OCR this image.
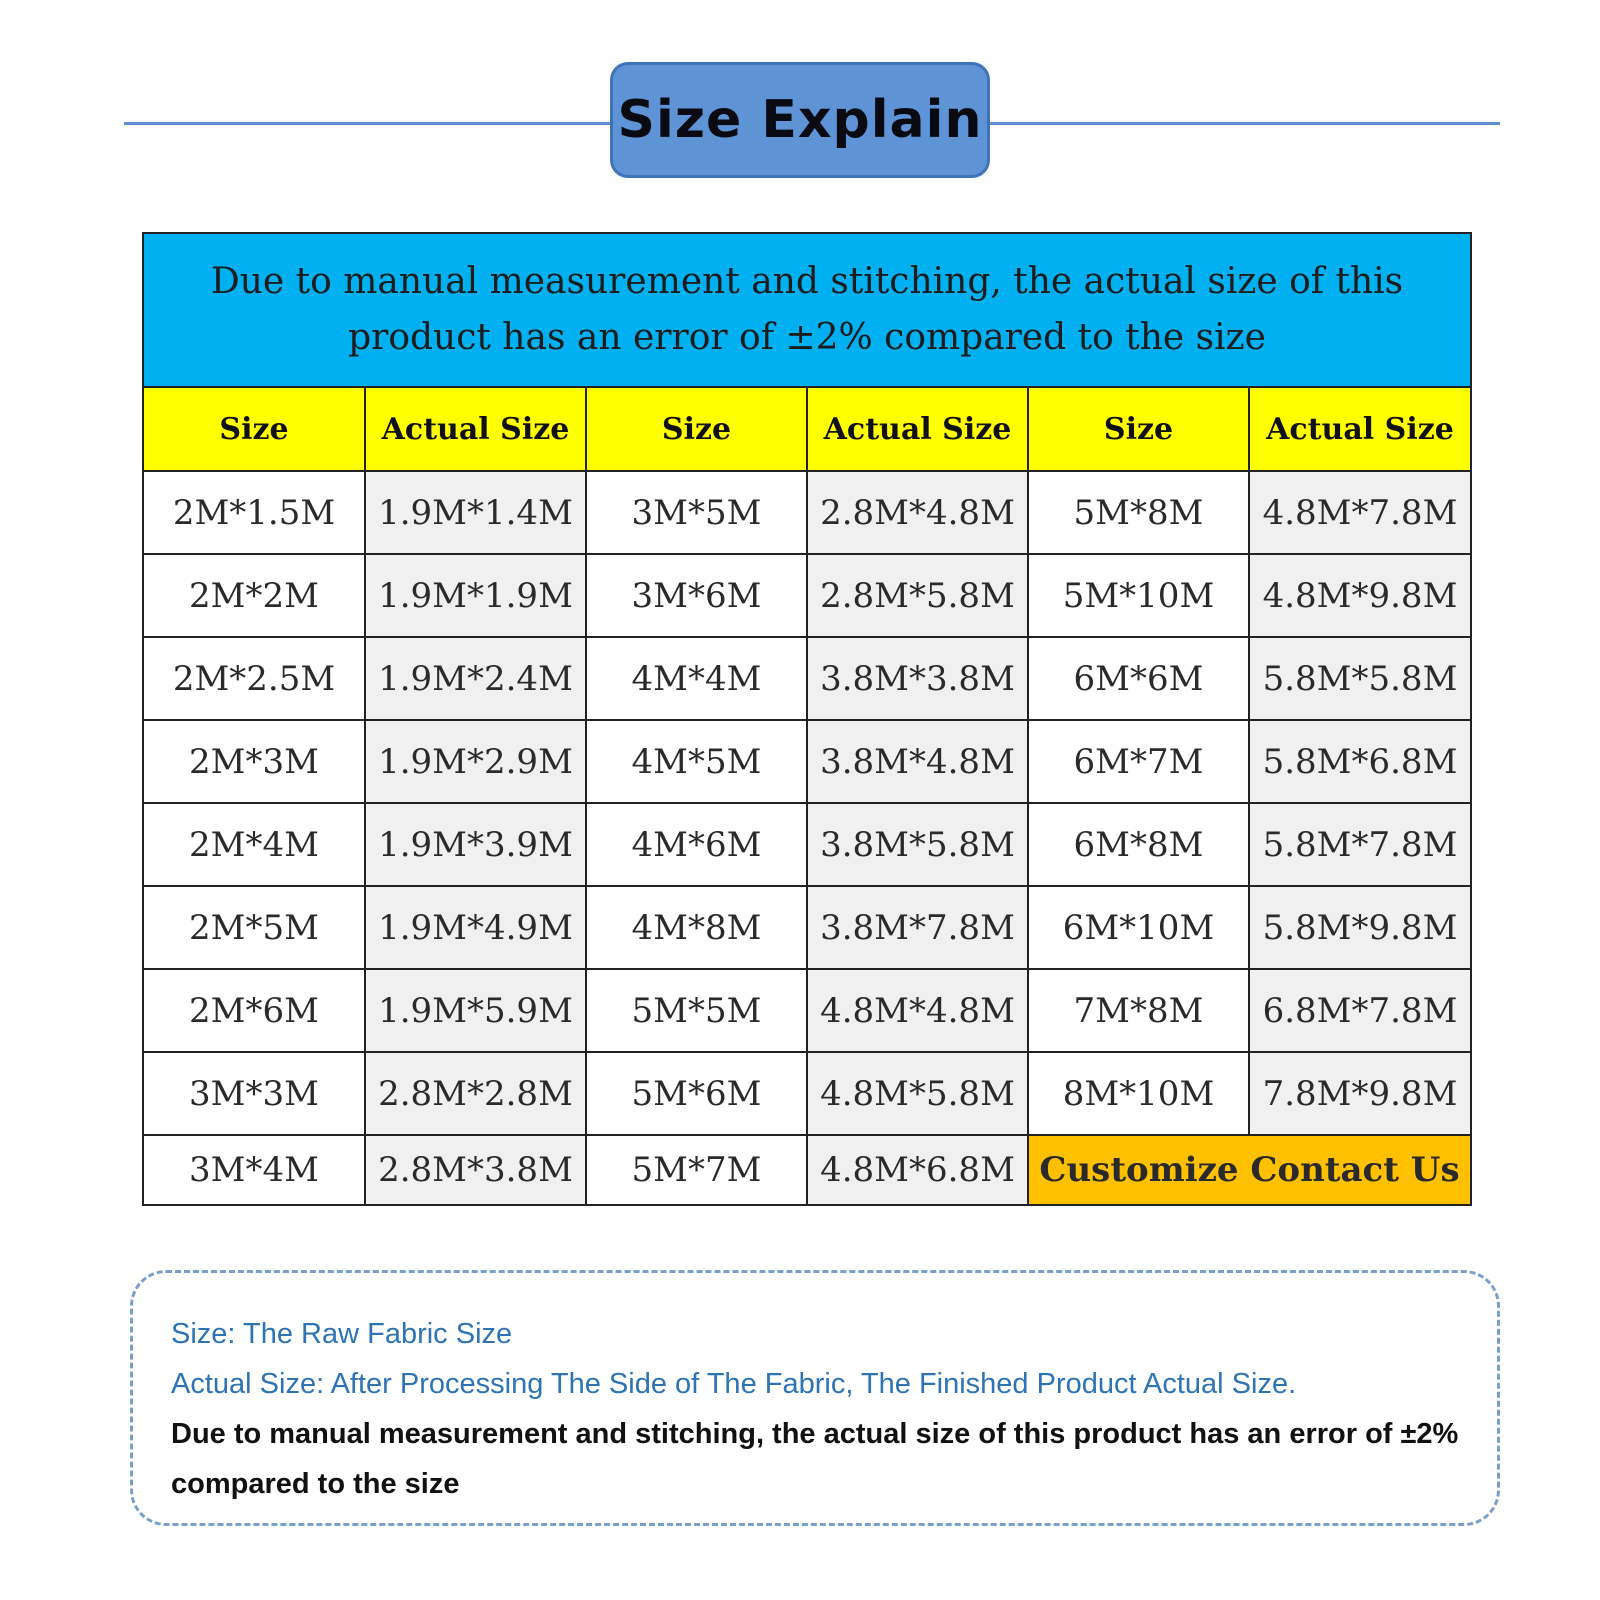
Size Explain
Due to manual measurement and stitching, the actual size of this product has an error of ±2% compared to the size
Size	Actual Size	Size	Actual Size	Size	Actual Size
2M*1.5M	1.9M*1.4M	3M*5M	2.8M*4.8M	5M*8M	4.8M*7.8M
2M*2M	1.9M*1.9M	3M*6M	2.8M*5.8M	5M*10M	4.8M*9.8M
2M*2.5M	1.9M*2.4M	4M*4M	3.8M*3.8M	6M*6M	5.8M*5.8M
2M*3M	1.9M*2.9M	4M*5M	3.8M*4.8M	6M*7M	5.8M*6.8M
2M*4M	1.9M*3.9M	4M*6M	3.8M*5.8M	6M*8M	5.8M*7.8M
2M*5M	1.9M*4.9M	4M*8M	3.8M*7.8M	6M*10M	5.8M*9.8M
2M*6M	1.9M*5.9M	5M*5M	4.8M*4.8M	7M*8M	6.8M*7.8M
3M*3M	2.8M*2.8M	5M*6M	4.8M*5.8M	8M*10M	7.8M*9.8M
3M*4M	2.8M*3.8M	5M*7M	4.8M*6.8M	Customize Contact Us	
Size: The Raw Fabric Size
Actual Size: After Processing The Side of The Fabric, The Finished Product Actual Size.
Due to manual measurement and stitching, the actual size of this product has an error of ±2% compared to the size
